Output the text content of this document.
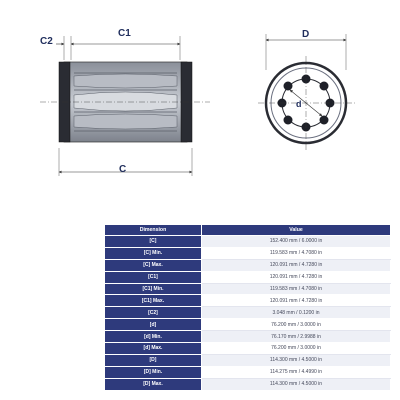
C1
C2
C
D
d
Dimension	Value
[C]	152.400 mm / 6.0000 in
[C] Min.	119.583 mm / 4.7080 in
[C] Max.	120.091 mm / 4.7280 in
[C1]	120.091 mm / 4.7280 in
[C1] Min.	119.583 mm / 4.7080 in
[C1] Max.	120.091 mm / 4.7280 in
[C2]	3.048 mm / 0.1200 in
[d]	76.200 mm / 3.0000 in
[d] Min.	76.170 mm / 2.9988 in
[d] Max.	76.200 mm / 3.0000 in
[D]	114.300 mm / 4.5000 in
[D] Min.	114.275 mm / 4.4990 in
[D] Max.	114.300 mm / 4.5000 in
